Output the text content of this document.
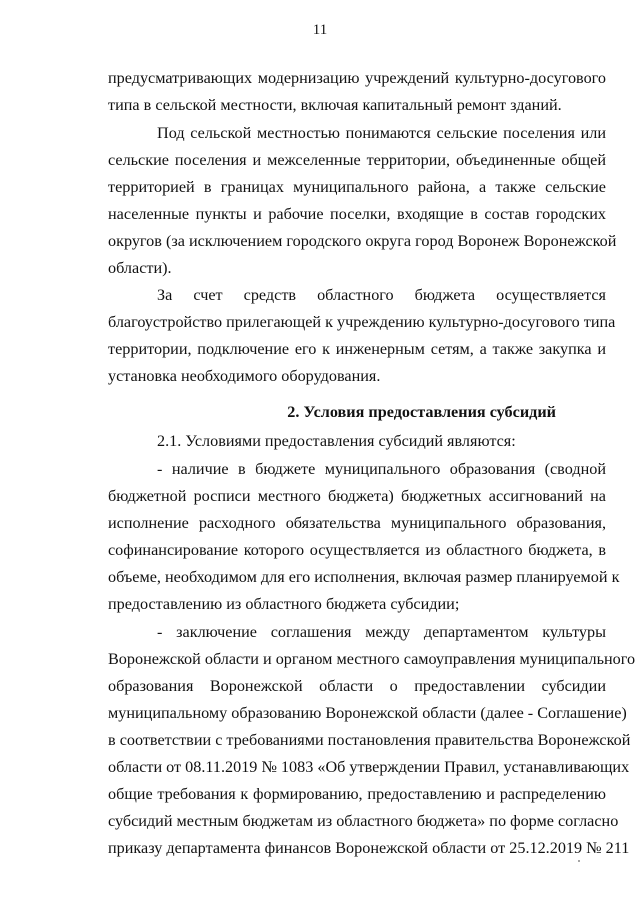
11
предусматривающих модернизацию учреждений культурно-досугового
типа в сельской местности, включая капитальный ремонт зданий.
Под сельской местностью понимаются сельские поселения или
сельские поселения и межселенные территории, объединенные общей
территорией в границах муниципального района, а также сельские
населенные пункты и рабочие поселки, входящие в состав городских
округов (за исключением городского округа город Воронеж Воронежской
области).
За счет средств областного бюджета осуществляется
благоустройство прилегающей к учреждению культурно-досугового типа
территории, подключение его к инженерным сетям, а также закупка и
установка необходимого оборудования.
2. Условия предоставления субсидий
2.1. Условиями предоставления субсидий являются:
- наличие в бюджете муниципального образования (сводной
бюджетной росписи местного бюджета) бюджетных ассигнований на
исполнение расходного обязательства муниципального образования,
софинансирование которого осуществляется из областного бюджета, в
объеме, необходимом для его исполнения, включая размер планируемой к
предоставлению из областного бюджета субсидии;
- заключение соглашения между департаментом культуры
Воронежской области и органом местного самоуправления муниципального
образования Воронежской области о предоставлении субсидии
муниципальному образованию Воронежской области (далее - Соглашение)
в соответствии с требованиями постановления правительства Воронежской
области от 08.11.2019 № 1083 «Об утверждении Правил, устанавливающих
общие требования к формированию, предоставлению и распределению
субсидий местным бюджетам из областного бюджета» по форме согласно
приказу департамента финансов Воронежской области от 25.12.2019 № 211
